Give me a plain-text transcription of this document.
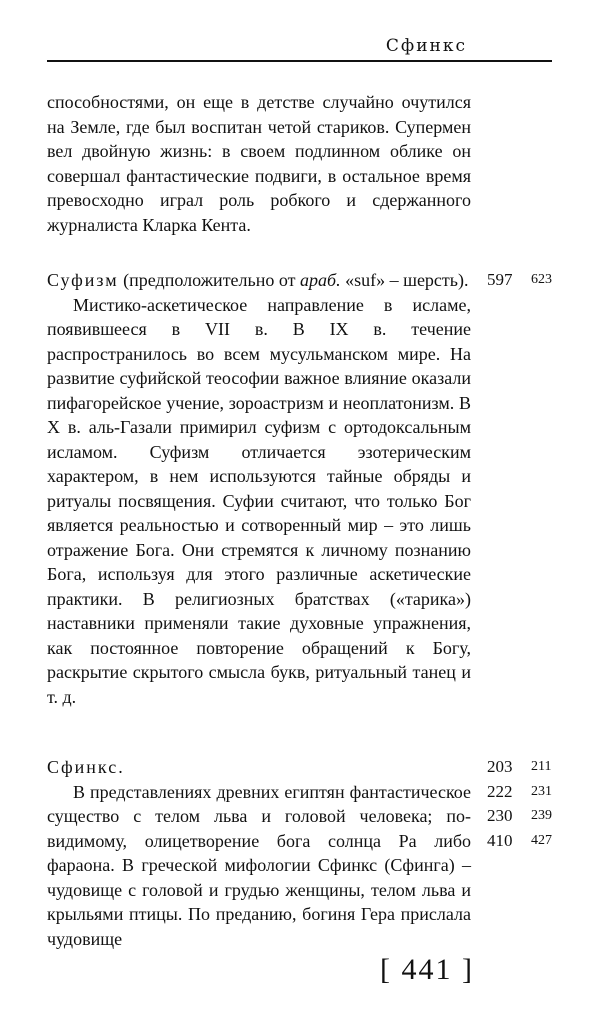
Сфинкс

способностями, он еще в детстве случайно очутился на Земле, где был воспитан четой стариков. Супермен вел двойную жизнь: в своем подлинном облике он совершал фантастические подвиги, в остальное время превосходно играл роль робкого и сдержанного журналиста Кларка Кента.

Суфизм (предположительно от араб. «suf» – шерсть).

Мистико-аскетическое направление в исламе, появившееся в VII в. В IX в. течение распространилось во всем мусульманском мире. На развитие суфийской теософии важное влияние оказали пифагорейское учение, зороастризм и неоплатонизм. В X в. аль-Газали примирил суфизм с ортодоксальным исламом. Суфизм отличается эзотерическим характером, в нем используются тайные обряды и ритуалы посвящения. Суфии считают, что только Бог является реальностью и сотворенный мир – это лишь отражение Бога. Они стремятся к личному познанию Бога, используя для этого различные аскетические практики. В религиозных братствах («тарика») наставники применяли такие духовные упражнения, как постоянное повторение обращений к Богу, раскрытие скрытого смысла букв, ритуальный танец и т. д.

597	623

Сфинкс.

В представлениях древних египтян фантастическое существо с телом льва и головой человека; по-видимому, олицетворение бога солнца Ра либо фараона. В греческой мифологии Сфинкс (Сфинга) – чудовище с головой и грудью женщины, телом льва и крыльями птицы. По преданию, богиня Гера прислала чудовище

203	211
222	231
230	239
410	427
[ 441 ]
